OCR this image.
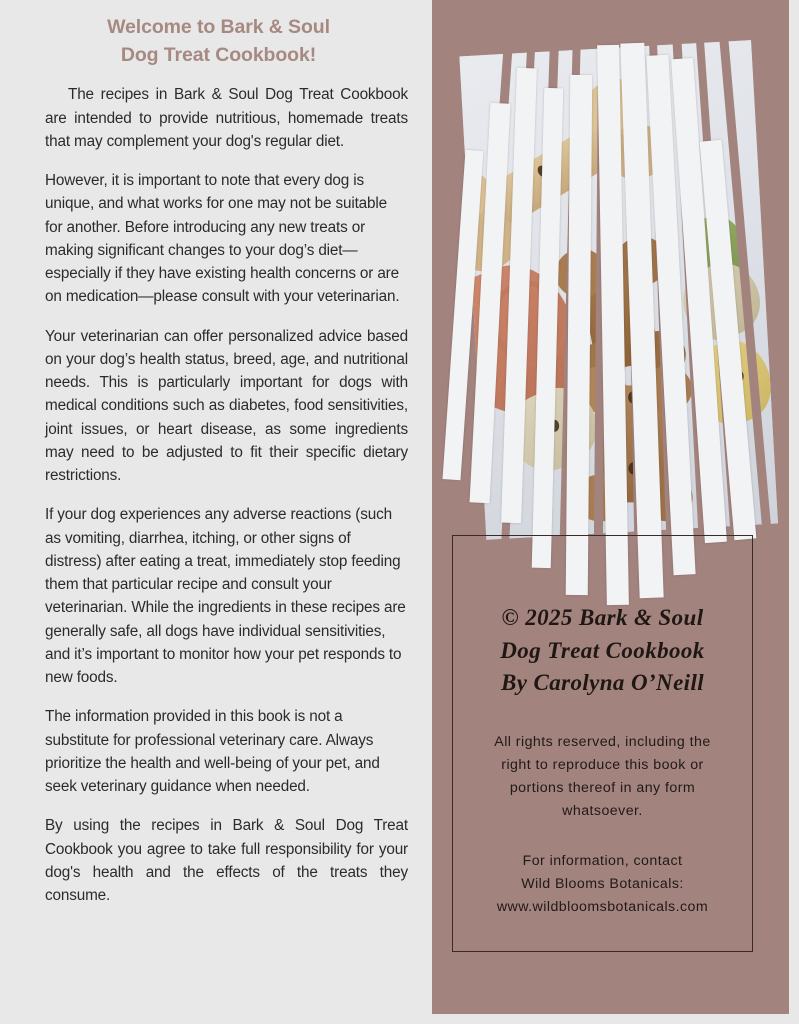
Welcome to Bark & Soul
Dog Treat Cookbook!

The recipes in Bark & Soul Dog Treat Cookbook are intended to provide nutritious, homemade treats that may complement your dog's regular diet.

However, it is important to note that every dog is unique, and what works for one may not be suitable for another. Before introducing any new treats or making significant changes to your dog’s diet—especially if they have existing health concerns or are on medication—please consult with your veterinarian.

Your veterinarian can offer personalized advice based on your dog’s health status, breed, age, and nutritional needs. This is particularly important for dogs with medical conditions such as diabetes, food sensitivities, joint issues, or heart disease, as some ingredients may need to be adjusted to fit their specific dietary restrictions.

If your dog experiences any adverse reactions (such as vomiting, diarrhea, itching, or other signs of distress) after eating a treat, immediately stop feeding them that particular recipe and consult your veterinarian. While the ingredients in these recipes are generally safe, all dogs have individual sensitivities, and it’s important to monitor how your pet responds to new foods.

The information provided in this book is not a substitute for professional veterinary care. Always prioritize the health and well-being of your pet, and seek veterinary guidance when needed.

By using the recipes in Bark & Soul Dog Treat Cookbook you agree to take full responsibility for your dog's health and the effects of the treats they consume.

© 2025 Bark & Soul
Dog Treat Cookbook
By Carolyna O’Neill
All rights reserved, including the
right to reproduce this book or
portions thereof in any form
whatsoever.
For information, contact
Wild Blooms Botanicals:
www.wildbloomsbotanicals.com
